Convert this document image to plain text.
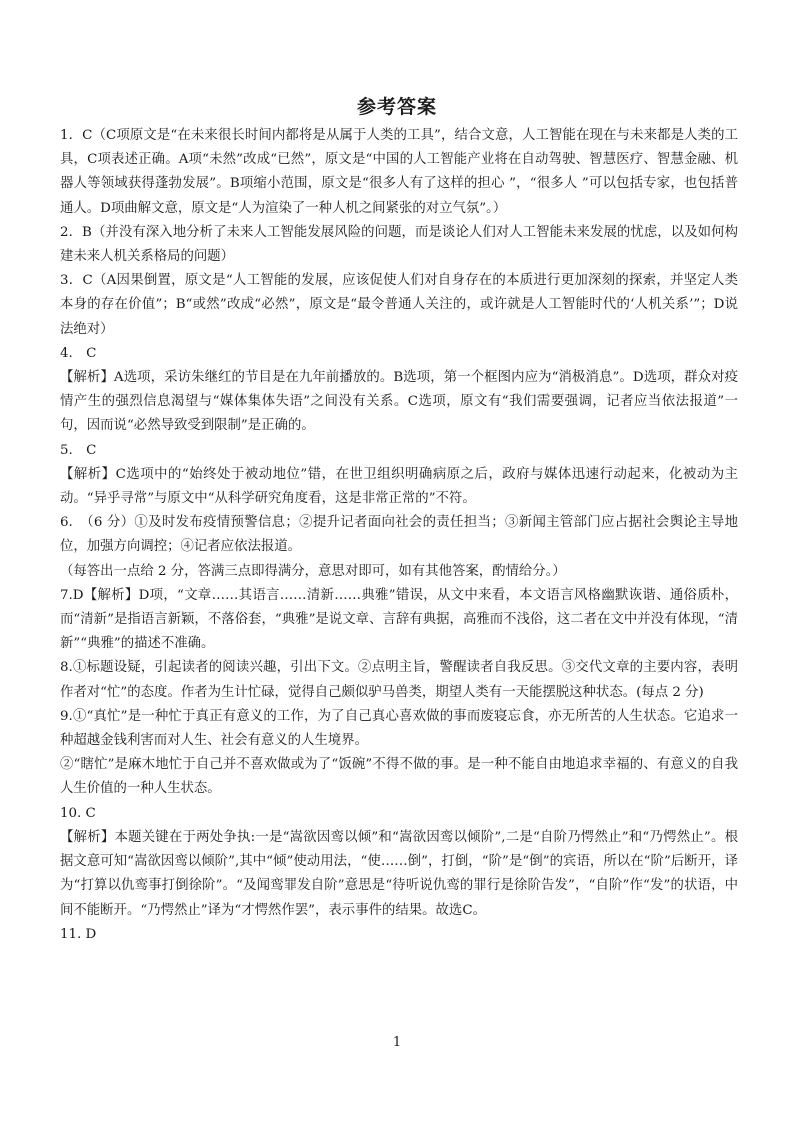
参考答案

1．C（C项原文是“在未来很长时间内都将是从属于人类的工具”，结合文意，人工智能在现在与未来都是人类的工具，C项表述正确。A项“未然”改成“已然”，原文是“中国的人工智能产业将在自动驾驶、智慧医疗、智慧金融、机器人等领域获得蓬勃发展”。B项缩小范围，原文是“很多人有了这样的担心 ”，“很多人 ”可以包括专家，也包括普通人。D项曲解文意，原文是“人为渲染了一种人机之间紧张的对立气氛”。）

2．B（并没有深入地分析了未来人工智能发展风险的问题，而是谈论人们对人工智能未来发展的忧虑，以及如何构建未来人机关系格局的问题）

3．C（A因果倒置，原文是“人工智能的发展，应该促使人们对自身存在的本质进行更加深刻的探索，并坚定人类本身的存在价值”；B“或然”改成“必然”，原文是“最令普通人关注的，或许就是人工智能时代的‘人机关系’”；D说法绝对）

4.　C

【解析】A选项，采访朱继红的节目是在九年前播放的。B选项，第一个框图内应为“消极消息”。D选项，群众对疫情产生的强烈信息渴望与“媒体集体失语”之间没有关系。C选项，原文有“我们需要强调，记者应当依法报道”一句，因而说“必然导致受到限制”是正确的。

5.　C

【解析】C选项中的“始终处于被动地位”错，在世卫组织明确病原之后，政府与媒体迅速行动起来，化被动为主动。“异乎寻常”与原文中“从科学研究角度看，这是非常正常的”不符。

6.　（6 分）①及时发布疫情预警信息；②提升记者面向社会的责任担当；③新闻主管部门应占据社会舆论主导地位，加强方向调控；④记者应依法报道。

（每答出一点给 2 分，答满三点即得满分，意思对即可，如有其他答案，酌情给分。）

7.D【解析】D项，“文章……其语言……清新……典雅”错误，从文中来看，本文语言风格幽默诙谐、通俗质朴，而“清新”是指语言新颖，不落俗套，“典雅”是说文章、言辞有典据，高雅而不浅俗，这二者在文中并没有体现，“清新”“典雅”的描述不准确。

8.①标题设疑，引起读者的阅读兴趣，引出下文。②点明主旨，警醒读者自我反思。③交代文章的主要内容，表明作者对“忙”的态度。作者为生计忙碌，觉得自己颇似驴马兽类，期望人类有一天能摆脱这种状态。(每点 2 分)

9.①“真忙”是一种忙于真正有意义的工作，为了自己真心喜欢做的事而废寝忘食，亦无所苦的人生状态。它追求一种超越金钱利害而对人生、社会有意义的人生境界。

②“瞎忙”是麻木地忙于自己并不喜欢做或为了“饭碗”不得不做的事。是一种不能自由地追求幸福的、有意义的自我人生价值的一种人生状态。

10. C

【解析】本题关键在于两处争执:一是“嵩欲因鸾以倾”和“嵩欲因鸾以倾阶”,二是“自阶乃愕然止”和“乃愕然止”。根据文意可知“嵩欲因鸾以倾阶”,其中“倾”使动用法，“使……倒”，打倒，“阶”是“倒”的宾语，所以在“阶”后断开，译为“打算以仇鸾事打倒徐阶”。“及闻鸾罪发自阶”意思是“待听说仇鸾的罪行是徐阶告发”，“自阶”作“发”的状语，中间不能断开。“乃愕然止”译为“才愕然作罢”，表示事件的结果。故选C。

11. D

1
